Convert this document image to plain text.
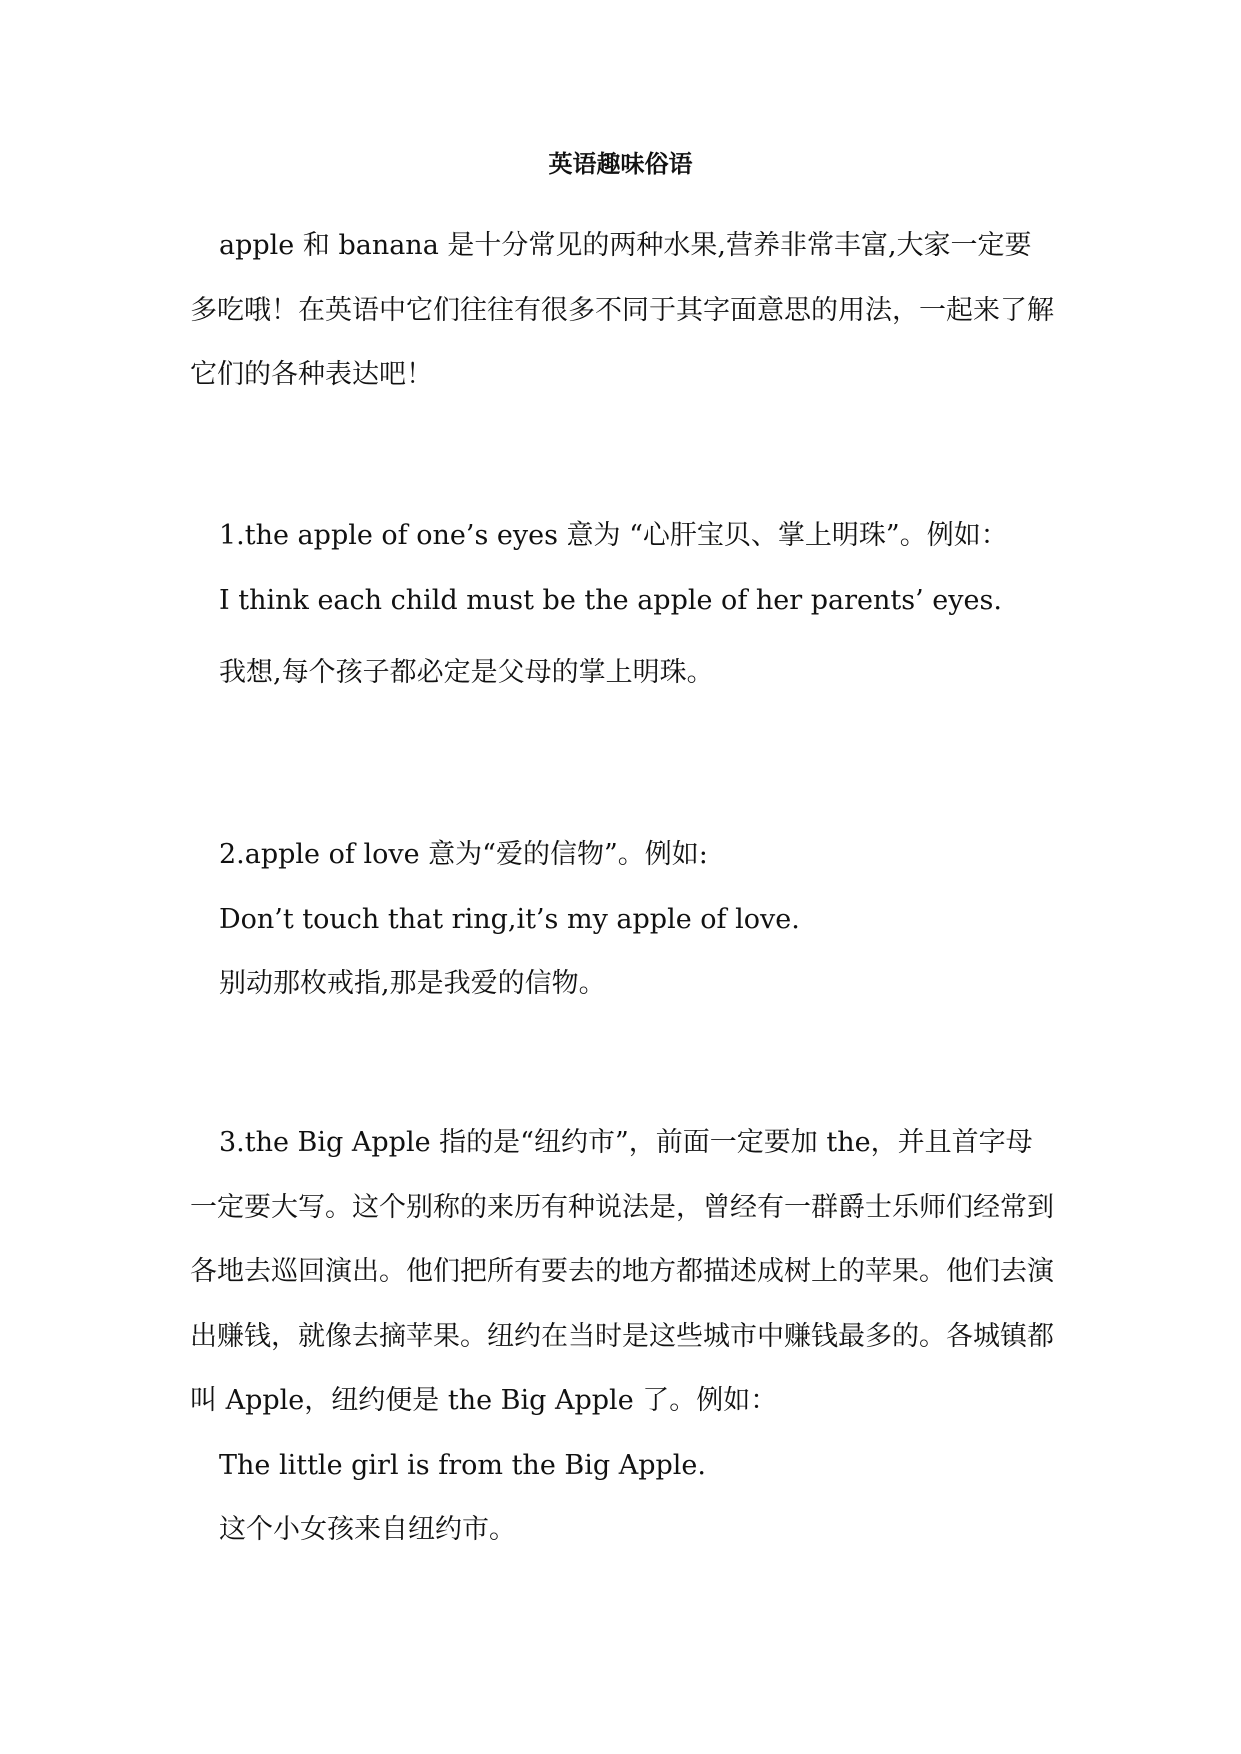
英语趣味俗语

apple 和 banana 是十分常见的两种水果,营养非常丰富,大家一定要多吃哦！在英语中它们往往有很多不同于其字面意思的用法，一起来了解它们的各种表达吧！

1.the apple of one’s eyes 意为 “心肝宝贝、掌上明珠”。例如：

I think each child must be the apple of her parents’ eyes.

我想,每个孩子都必定是父母的掌上明珠。

2.apple of love 意为“爱的信物”。例如:

Don’t touch that ring,it’s my apple of love.

别动那枚戒指,那是我爱的信物。

3.the Big Apple 指的是“纽约市”，前面一定要加 the，并且首字母一定要大写。这个别称的来历有种说法是，曾经有一群爵士乐师们经常到各地去巡回演出。他们把所有要去的地方都描述成树上的苹果。他们去演出赚钱，就像去摘苹果。纽约在当时是这些城市中赚钱最多的。各城镇都叫 Apple，纽约便是 the Big Apple 了。例如：

The little girl is from the Big Apple.

这个小女孩来自纽约市。
